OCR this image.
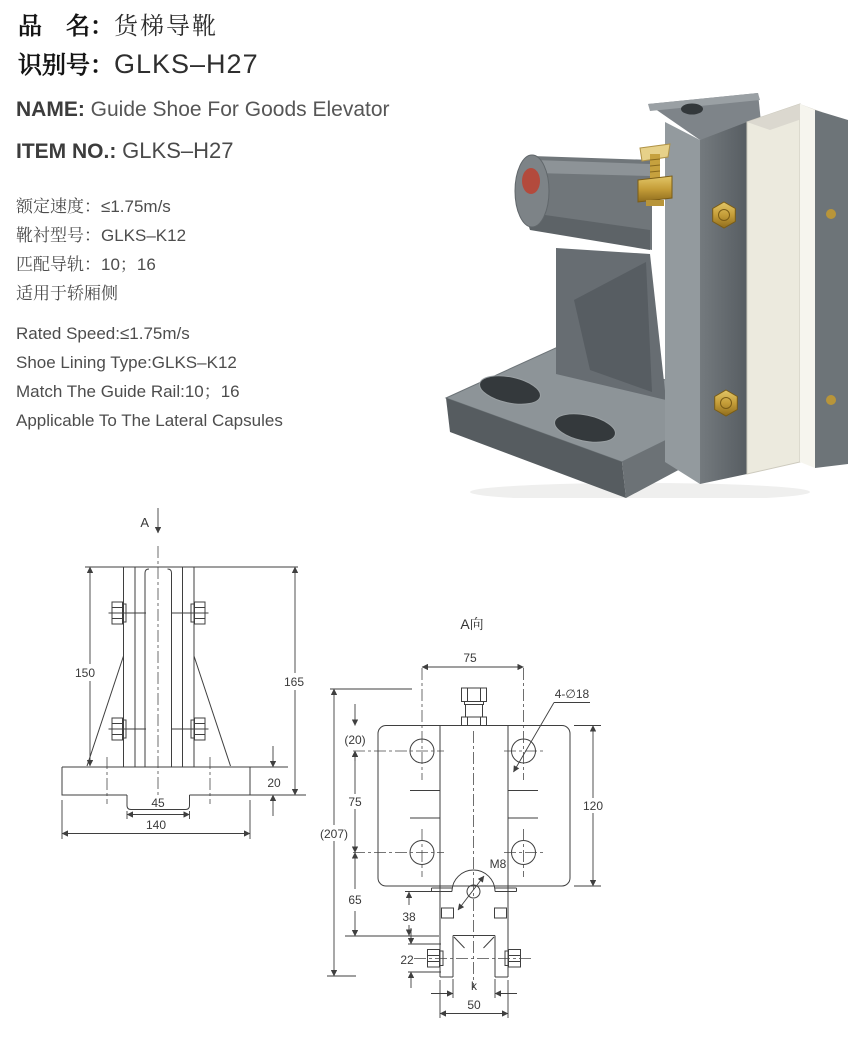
品　名：货梯导靴
识别号：GLKS–H27
NAME: Guide Shoe For Goods Elevator
ITEM NO.: GLKS–H27
额定速度：≤1.75m/s
靴衬型号：GLKS–K12
匹配导轨：10；16
适用于轿厢侧
Rated Speed:≤1.75m/s
Shoe Lining Type:GLKS–K12
Match The Guide Rail:10；16
Applicable To The Lateral Capsules
A
150
165
20
45
140
A向
75
4-∅18
(207)
(20)
75
65
38
120
M8
22
k
50
